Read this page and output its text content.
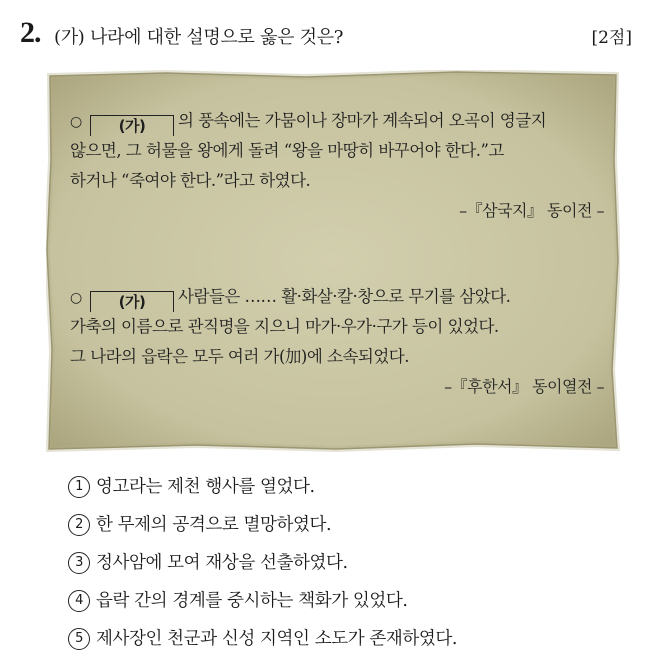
2. (가) 나라에 대한 설명으로 옳은 것은?	[2점]
○ (가) 의 풍속에는 가뭄이나 장마가 계속되어 오곡이 영글지
않으면, 그 허물을 왕에게 돌려 “왕을 마땅히 바꾸어야 한다.”고
하거나 “죽여야 한다.”라고 하였다.
–『삼국지』 동이전 –
○ (가) 사람들은 …… 활·화살·칼·창으로 무기를 삼았다.
가축의 이름으로 관직명을 지으니 마가·우가·구가 등이 있었다.
그 나라의 읍락은 모두 여러 가(加)에 소속되었다.
–『후한서』 동이열전 –
1 영고라는 제천 행사를 열었다.
2 한 무제의 공격으로 멸망하였다.
3 정사암에 모여 재상을 선출하였다.
4 읍락 간의 경계를 중시하는 책화가 있었다.
5 제사장인 천군과 신성 지역인 소도가 존재하였다.
